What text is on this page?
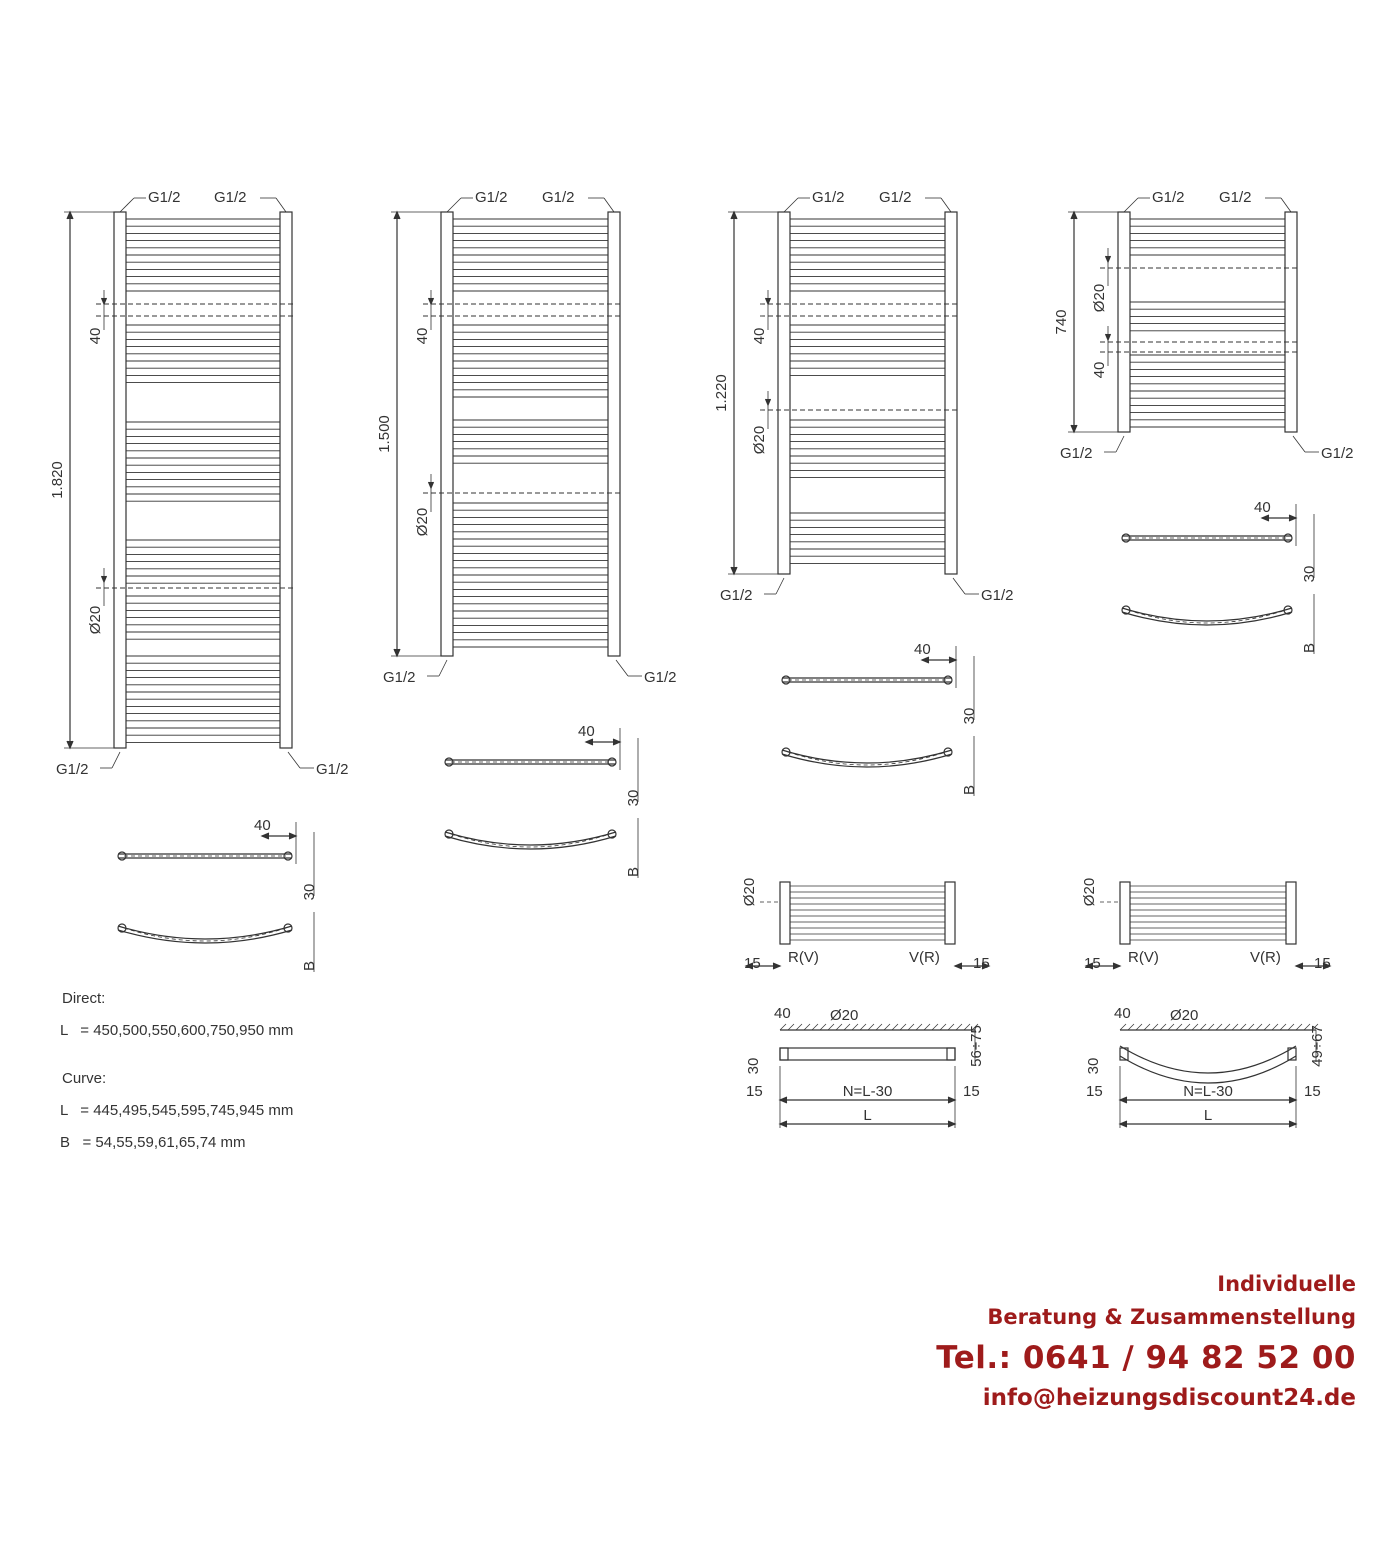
1.820
G1/2 G1/2
G1/2	G1/2
40
Ø20
1.500
G1/2 G1/2
G1/2	G1/2
40
Ø20
1.220
G1/2 G1/2
G1/2	G1/2
40
Ø20
740
G1/2 G1/2
G1/2	G1/2
Ø20
40
40
30
B
40
30
B
40
30
B
40
30
B
Ø20
15	15
R(V)	V(R)
Ø20
15	15
R(V)	V(R)
Ø20
40
30	56÷75
15	15
N=L-30
L
Ø20
40
30	49÷67
15	15
N=L-30
L
Direct:
L   = 450,500,550,600,750,950 mm
Curve:
L   = 445,495,545,595,745,945 mm
B   = 54,55,59,61,65,74 mm
Individuelle
Beratung & Zusammenstellung
Tel.: 0641 / 94 82 52 00
info@heizungsdiscount24.de
